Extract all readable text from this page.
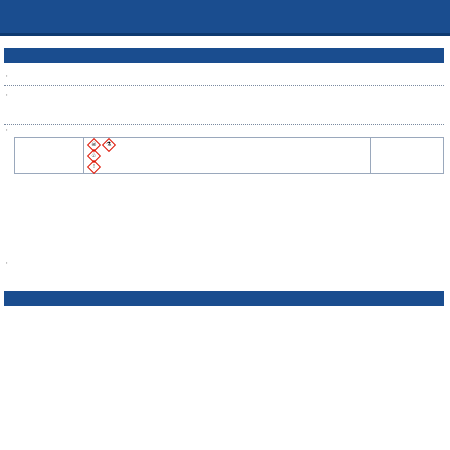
·
·
·

☠ ⚗
♧
!

·
